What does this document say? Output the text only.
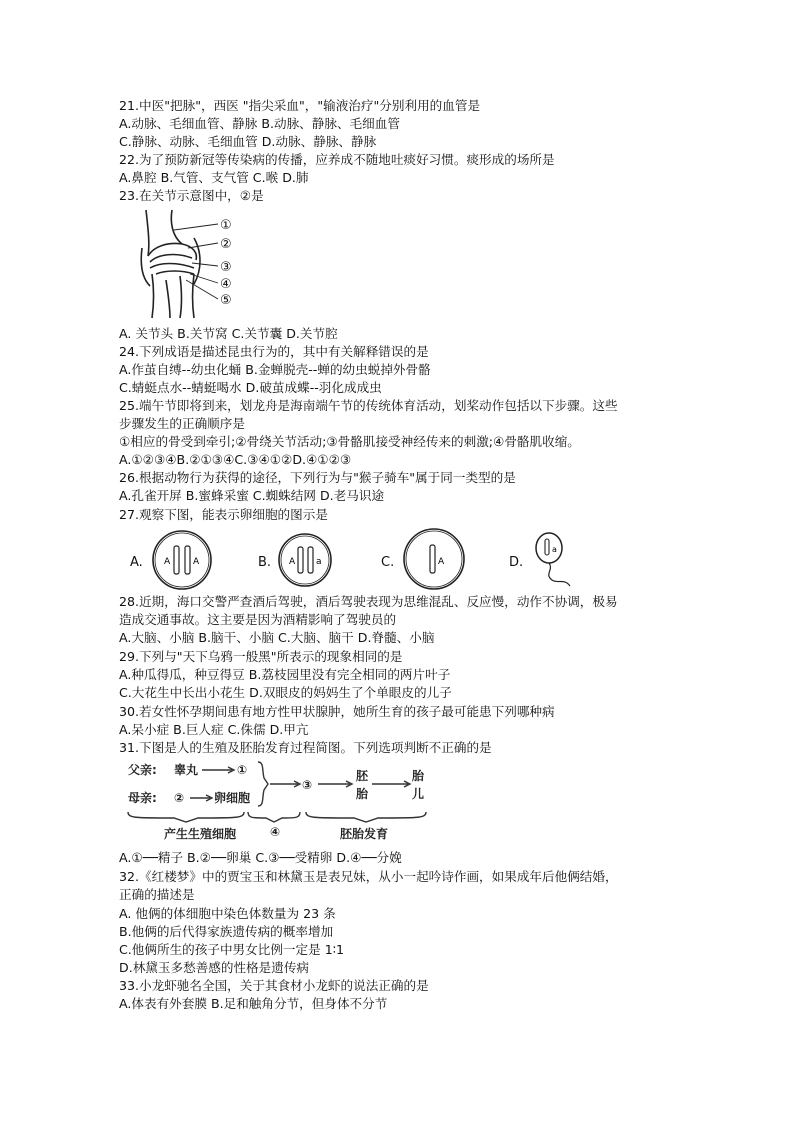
21.中医"把脉"，西医 "指尖采血"，"输液治疗"分别利用的血管是
A.动脉、毛细血管、静脉 B.动脉、静脉、毛细血管
C.静脉、动脉、毛细血管 D.动脉、静脉、静脉
22.为了预防新冠等传染病的传播，应养成不随地吐痰好习惯。痰形成的场所是
A.鼻腔 B.气管、支气管 C.喉 D.肺
23.在关节示意图中，②是
①
②
③
④
⑤
A. 关节头 B.关节窝 C.关节囊 D.关节腔
24.下列成语是描述昆虫行为的，其中有关解释错误的是
A.作茧自缚--幼虫化蛹 B.金蝉脱壳--蝉的幼虫蜕掉外骨骼
C.蜻蜓点水--蜻蜓喝水 D.破茧成蝶--羽化成成虫
25.端午节即将到来，划龙舟是海南端午节的传统体育活动，划桨动作包括以下步骤。这些
步骤发生的正确顺序是
①相应的骨受到牵引;②骨绕关节活动;③骨骼肌接受神经传来的刺激;④骨骼肌收缩。
A.①②③④B.②①③④C.③④①②D.④①②③
26.根据动物行为获得的途径，下列行为与"猴子骑车"属于同一类型的是
A.孔雀开屏 B.蜜蜂采蜜 C.蜘蛛结网 D.老马识途
27.观察下图，能表示卵细胞的图示是
A.	B.	C.	D.
A	A	A a	A
a
28.近期，海口交警严查酒后驾驶，酒后驾驶表现为思维混乱、反应慢，动作不协调，极易
造成交通事故。这主要是因为酒精影响了驾驶员的
A.大脑、小脑 B.脑干、小脑 C.大脑、脑干 D.脊髓、小脑
29.下列与"天下乌鸦一般黑"所表示的现象相同的是
A.种瓜得瓜，种豆得豆 B.荔枝园里没有完全相同的两片叶子
C.大花生中长出小花生 D.双眼皮的妈妈生了个单眼皮的儿子
30.若女性怀孕期间患有地方性甲状腺肿，她所生育的孩子最可能患下列哪种病
A.呆小症 B.巨人症 C.侏儒 D.甲亢
31.下图是人的生殖及胚胎发育过程简图。下列选项判断不正确的是
父亲: 睾丸	①
母亲: ② 卵细胞
③
胚
胎
胎
儿
产生生殖细胞	④	胚胎发育
A.①──精子 B.②──卵巢 C.③──受精卵 D.④──分娩
32.《红楼梦》中的贾宝玉和林黛玉是表兄妹，从小一起吟诗作画，如果成年后他俩结婚，
正确的描述是
A. 他俩的体细胞中染色体数量为 23 条
B.他俩的后代得家族遗传病的概率增加
C.他俩所生的孩子中男女比例一定是 1∶1
D.林黛玉多愁善感的性格是遗传病
33.小龙虾驰名全国，关于其食材小龙虾的说法正确的是
A.体表有外套膜 B.足和触角分节，但身体不分节
